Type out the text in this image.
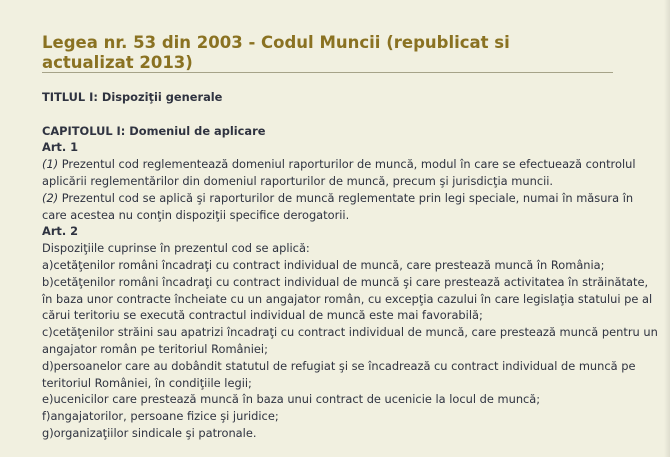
Legea nr. 53 din 2003 - Codul Muncii (republicat si
actualizat 2013)
TITLUL I: Dispoziţii generale
CAPITOLUL I: Domeniul de aplicare
Art. 1
(1) Prezentul cod reglementează domeniul raporturilor de muncă, modul în care se efectuează controlul
aplicării reglementărilor din domeniul raporturilor de muncă, precum şi jurisdicţia muncii.
(2) Prezentul cod se aplică şi raporturilor de muncă reglementate prin legi speciale, numai în măsura în
care acestea nu conţin dispoziţii specifice derogatorii.
Art. 2
Dispoziţiile cuprinse în prezentul cod se aplică:
a)cetăţenilor români încadraţi cu contract individual de muncă, care prestează muncă în România;
b)cetăţenilor români încadraţi cu contract individual de muncă şi care prestează activitatea în străinătate,
în baza unor contracte încheiate cu un angajator român, cu excepţia cazului în care legislaţia statului pe al
cărui teritoriu se execută contractul individual de muncă este mai favorabilă;
c)cetăţenilor străini sau apatrizi încadraţi cu contract individual de muncă, care prestează muncă pentru un
angajator român pe teritoriul României;
d)persoanelor care au dobândit statutul de refugiat şi se încadrează cu contract individual de muncă pe
teritoriul României, în condiţiile legii;
e)ucenicilor care prestează muncă în baza unui contract de ucenicie la locul de muncă;
f)angajatorilor, persoane fizice şi juridice;
g)organizaţiilor sindicale şi patronale.
